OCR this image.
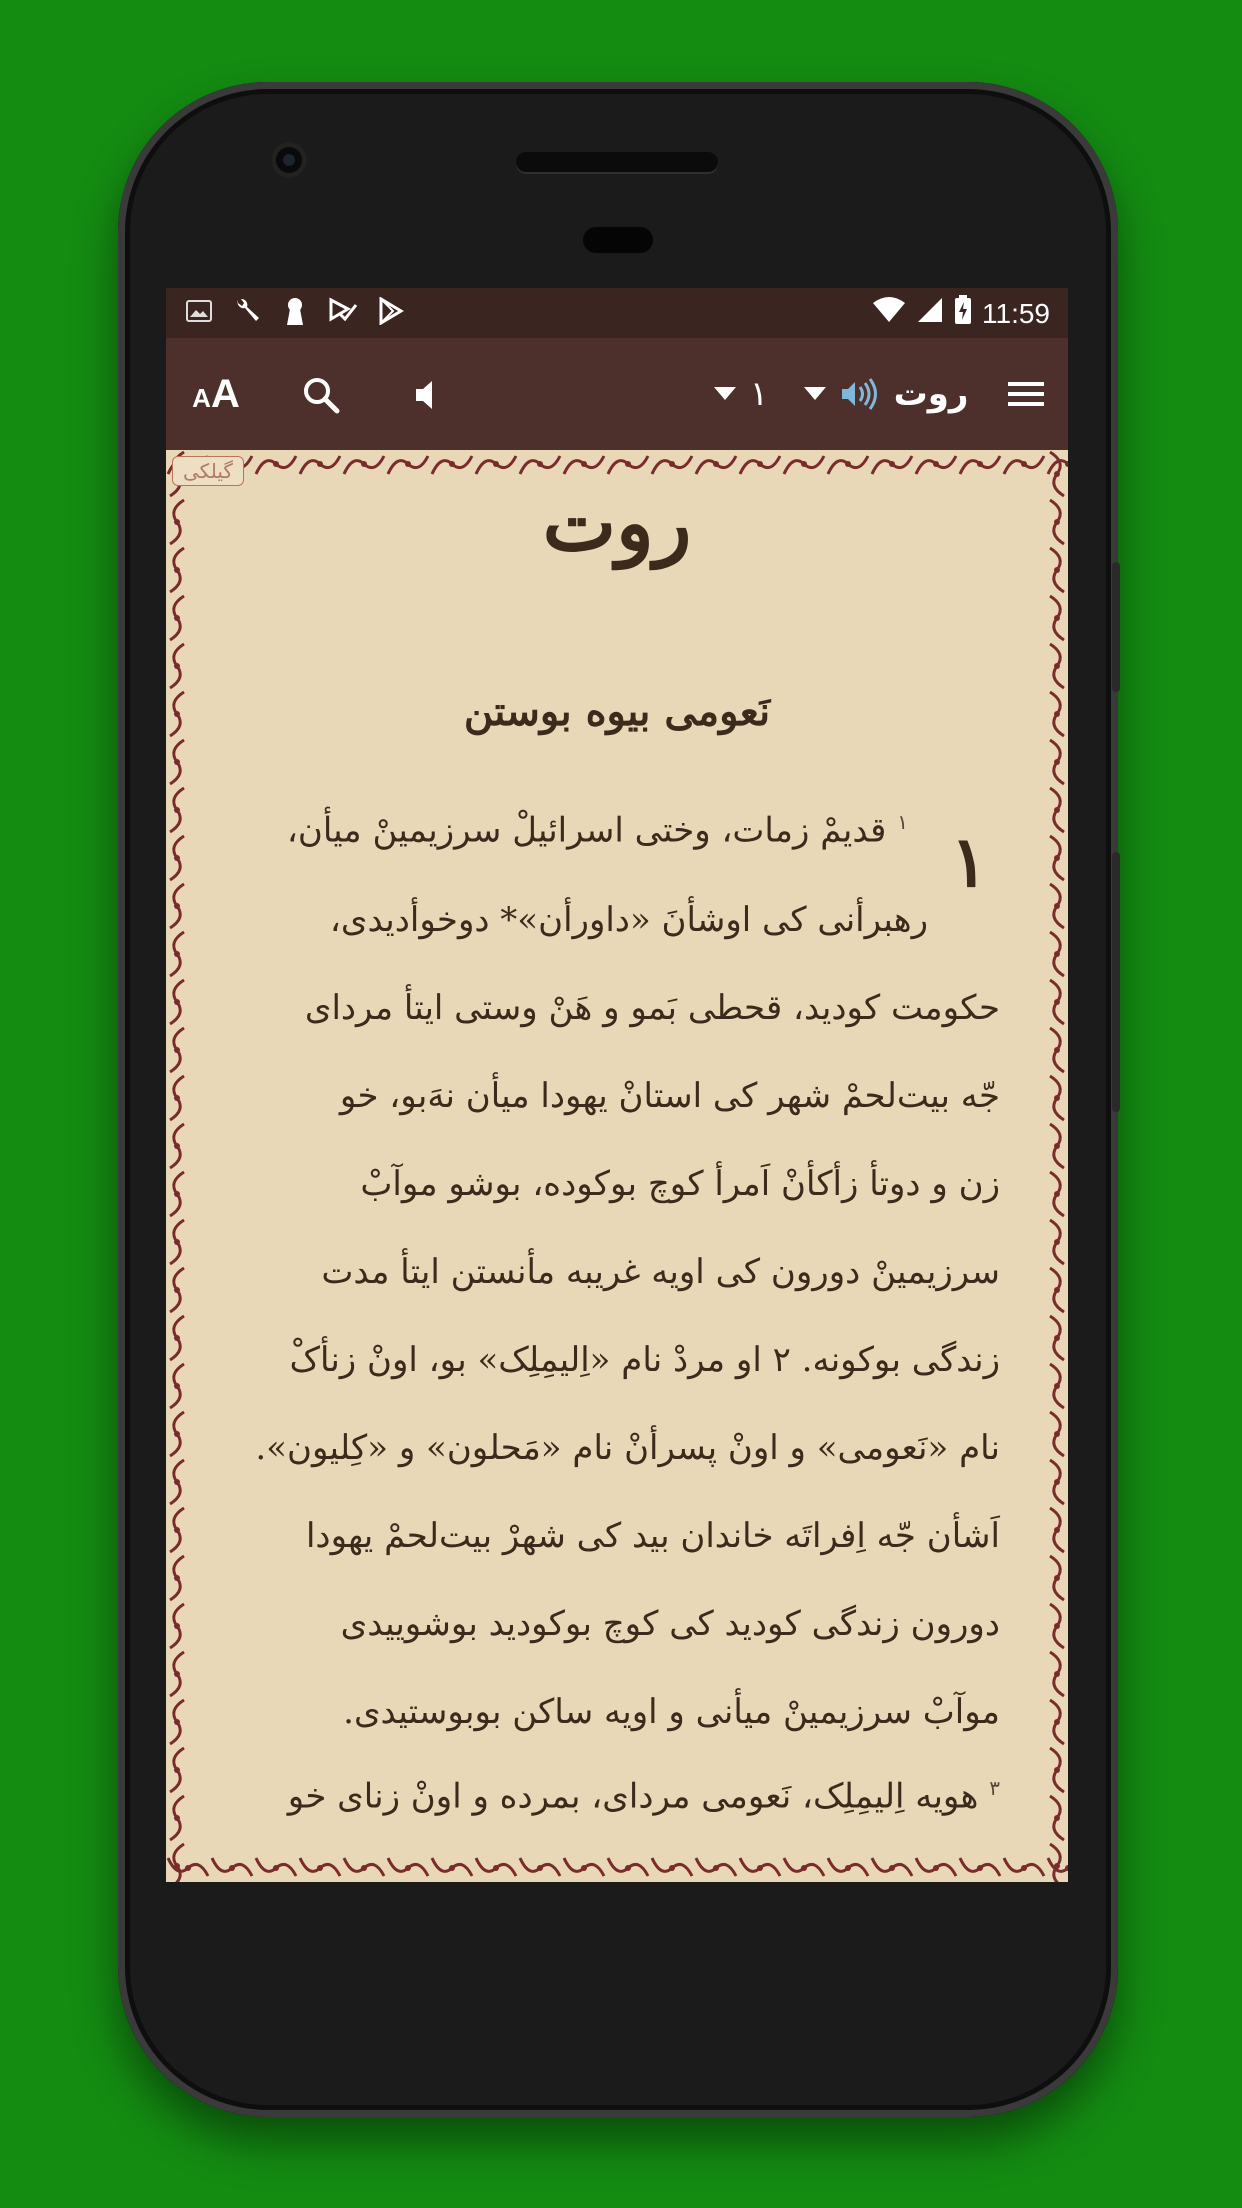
11:59
AA	۱	روت
گیلکی
روت
نَعومی بیوه بوستن
۱
$^۱$ قدیمْ زمات، وختی اسرائیلْ سرزیمینْ میأن،
رهبرأنی کی اوشأنَ «داورأن»* دوخوأدیدی،
حکومت کودید، قحطی بَمو و هَنْ وستی ایتأ مردای
جّه بیت‌لحمْ شهر کی استانْ یهودا میأن نهَ‌بو، خو
زن و دوتأ زأکأنْ اَمرأ کوچ بوکوده، بوشو موآبْ
سرزیمینْ دورون کی اویه غریبه مأنستن ایتأ مدت
زندگی بوکونه. ۲ او مردْ نام «اِلیمِلِک» بو، اونْ زنأکْ
نام «نَعومی» و اونْ پسرأنْ نام «مَحلون» و «کِلیون».
اَشأن جّه اِفراتَه خاندان بید کی شهرْ بیت‌لحمْ یهودا
دورون زندگی کودید کی کوچ بوکودید بوشوییدی
موآبْ سرزیمینْ میأنی و اویه ساکن بوبوستیدی.
$^۳$ هویه اِلیمِلِک، نَعومی مردای، بمرده و اونْ زنای خو
